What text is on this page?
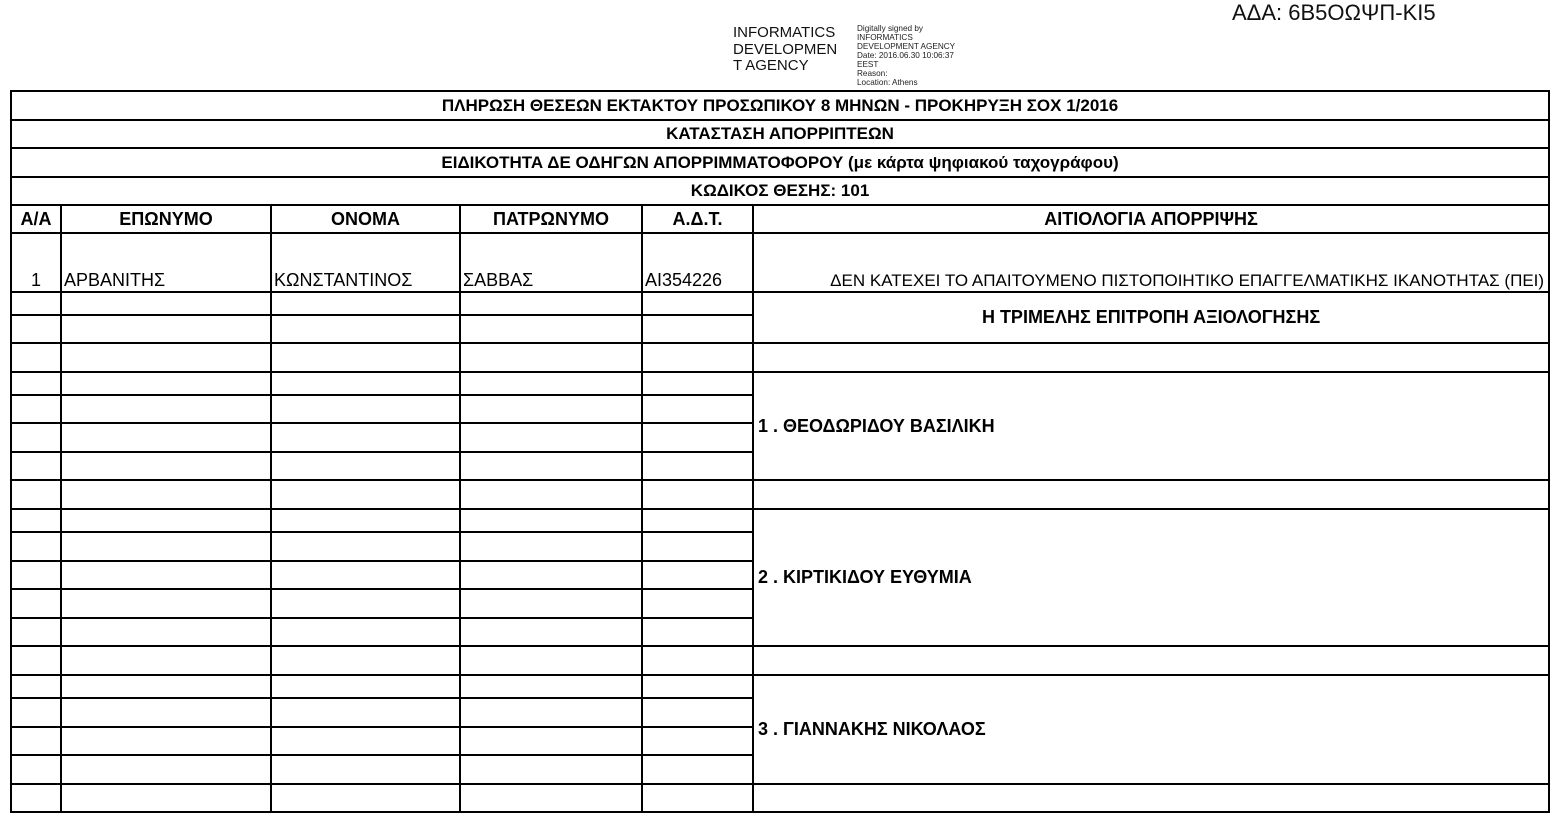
ΑΔΑ: 6Β5ΟΩΨΠ-ΚΙ5
INFORMATICS
DEVELOPMEN
T AGENCY
Digitally signed by
INFORMATICS
DEVELOPMENT AGENCY
Date: 2016.06.30 10:06:37
EEST
Reason:
Location: Athens
ΠΛΗΡΩΣΗ ΘΕΣΕΩΝ ΕΚΤΑΚΤΟΥ ΠΡΟΣΩΠΙΚΟΥ 8 ΜΗΝΩΝ - ΠΡΟΚΗΡΥΞΗ ΣΟΧ 1/2016					
ΚΑΤΑΣΤΑΣΗ ΑΠΟΡΡΙΠΤΕΩΝ					
ΕΙΔΙΚΟΤΗΤΑ ΔΕ ΟΔΗΓΩΝ ΑΠΟΡΡΙΜΜΑΤΟΦΟΡΟΥ (με κάρτα ψηφιακού ταχογράφου)					
ΚΩΔΙΚΟΣ ΘΕΣΗΣ: 101					
Α/Α	ΕΠΩΝΥΜΟ	ΟΝΟΜΑ	ΠΑΤΡΩΝΥΜΟ	Α.Δ.Τ.	ΑΙΤΙΟΛΟΓΙΑ ΑΠΟΡΡΙΨΗΣ
1	ΑΡΒΑΝΙΤΗΣ	ΚΩΝΣΤΑΝΤΙΝΟΣ	ΣΑΒΒΑΣ	ΑΙ354226	ΔΕΝ ΚΑΤΕΧΕΙ ΤΟ ΑΠΑΙΤΟΥΜΕΝΟ ΠΙΣΤΟΠΟΙΗΤΙΚΟ ΕΠΑΓΓΕΛΜΑΤΙΚΗΣ ΙΚΑΝΟΤΗΤΑΣ (ΠΕΙ)
					Η ΤΡΙΜΕΛΗΣ ΕΠΙΤΡΟΠΗ ΑΞΙΟΛΟΓΗΣΗΣ

					1 . ΘΕΟΔΩΡΙΔΟΥ ΒΑΣΙΛΙΚΗ

					2 . ΚΙΡΤΙΚΙΔΟΥ ΕΥΘΥΜΙΑ

					3 . ΓΙΑΝΝΑΚΗΣ ΝΙΚΟΛΑΟΣ
